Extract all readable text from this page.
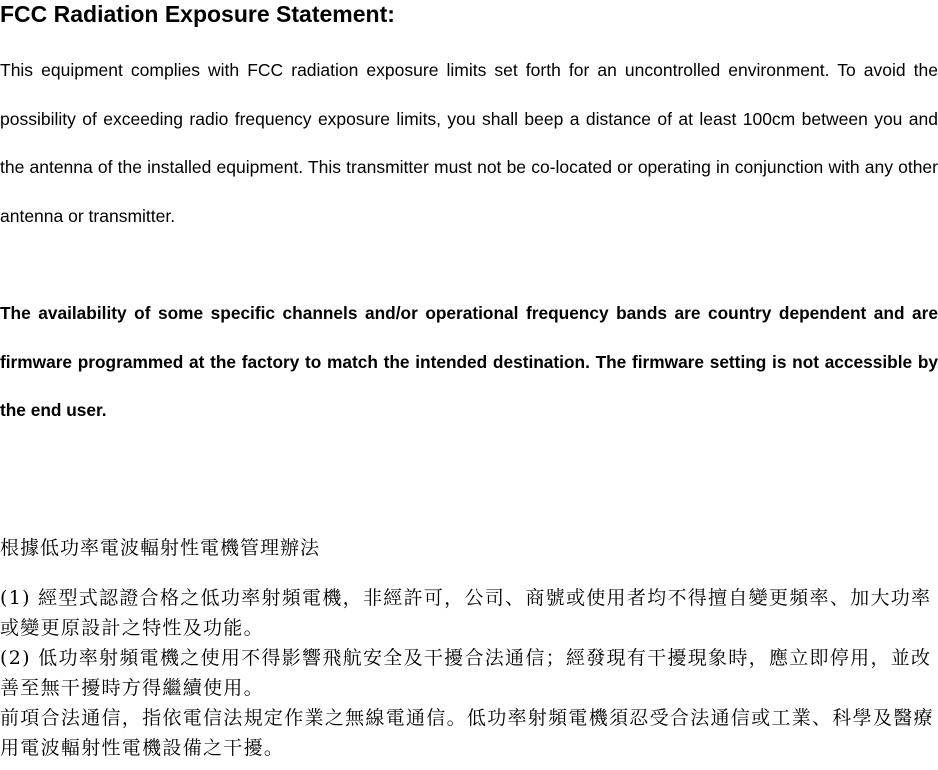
FCC Radiation Exposure Statement:

This equipment complies with FCC radiation exposure limits set forth for an uncontrolled environment. To avoid the possibility of exceeding radio frequency exposure limits, you shall beep a distance of at least 100cm between you and the antenna of the installed equipment. This transmitter must not be co-located or operating in conjunction with any other antenna or transmitter.

The availability of some specific channels and/or operational frequency bands are country dependent and are firmware programmed at the factory to match the intended destination. The firmware setting is not accessible by the end user.

根據低功率電波輻射性電機管理辦法

(1) 經型式認證合格之低功率射頻電機，非經許可，公司、商號或使用者均不得擅自變更頻率、加大功率或變更原設計之特性及功能。

(2) 低功率射頻電機之使用不得影響飛航安全及干擾合法通信；經發現有干擾現象時，應立即停用，並改善至無干擾時方得繼續使用。

前項合法通信，指依電信法規定作業之無線電通信。低功率射頻電機須忍受合法通信或工業、科學及醫療用電波輻射性電機設備之干擾。
